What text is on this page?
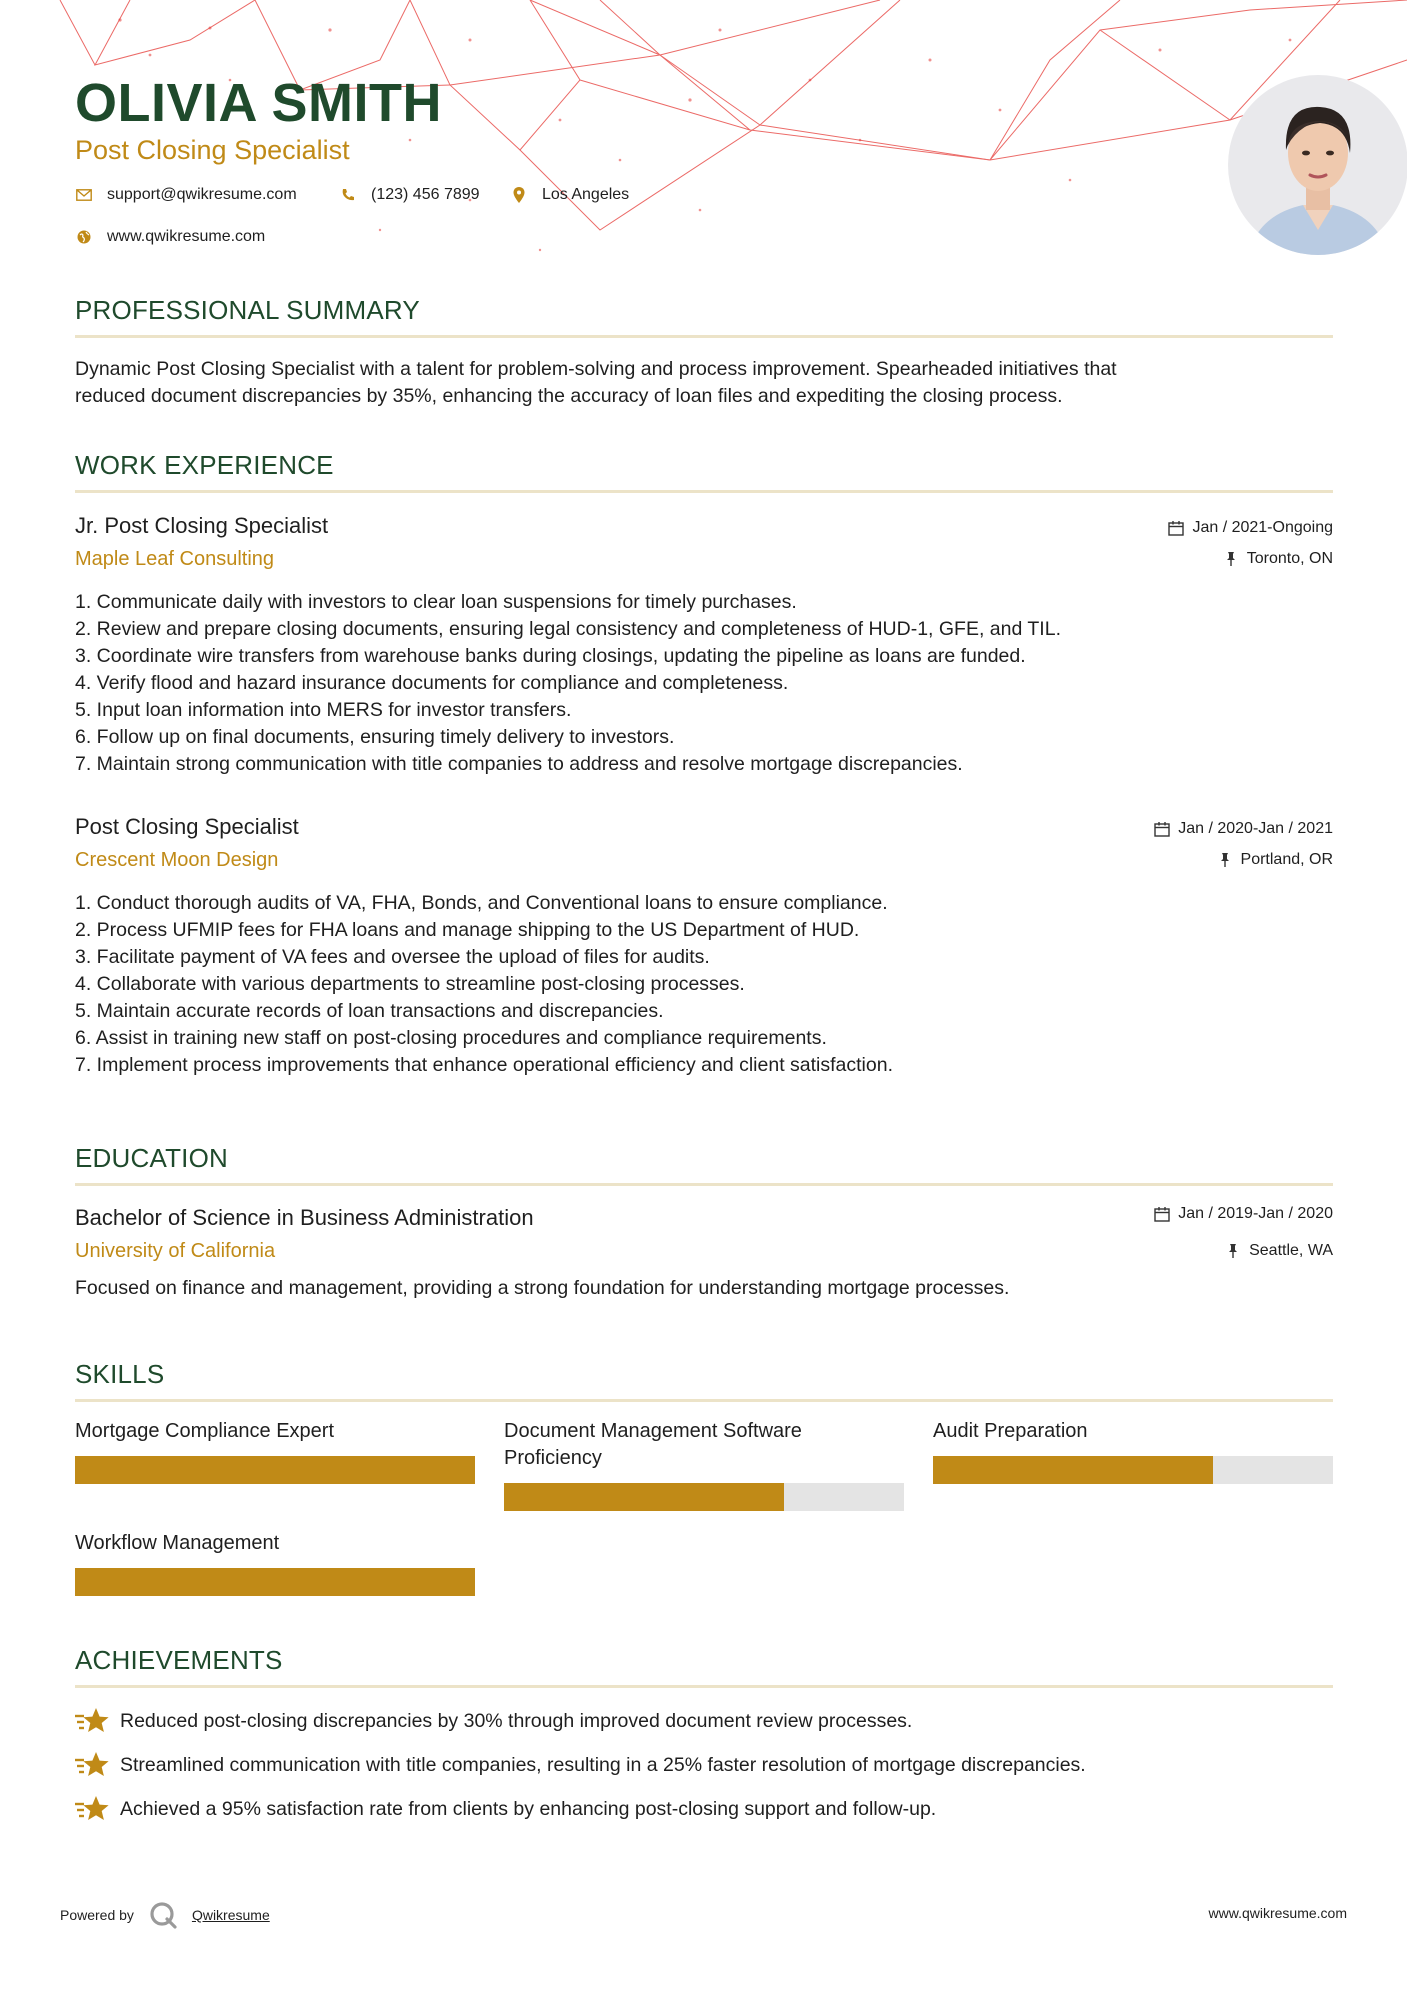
OLIVIA SMITH
Post Closing Specialist
support@qwikresume.com	(123) 456 7899	Los Angeles
www.qwikresume.com
PROFESSIONAL SUMMARY
Dynamic Post Closing Specialist with a talent for problem-solving and process improvement. Spearheaded initiatives that
reduced document discrepancies by 35%, enhancing the accuracy of loan files and expediting the closing process.
WORK EXPERIENCE
Jr. Post Closing Specialist
Maple Leaf Consulting
Jan / 2021-Ongoing
Toronto, ON
1. Communicate daily with investors to clear loan suspensions for timely purchases.
2. Review and prepare closing documents, ensuring legal consistency and completeness of HUD-1, GFE, and TIL.
3. Coordinate wire transfers from warehouse banks during closings, updating the pipeline as loans are funded.
4. Verify flood and hazard insurance documents for compliance and completeness.
5. Input loan information into MERS for investor transfers.
6. Follow up on final documents, ensuring timely delivery to investors.
7. Maintain strong communication with title companies to address and resolve mortgage discrepancies.
Post Closing Specialist
Crescent Moon Design
Jan / 2020-Jan / 2021
Portland, OR
1. Conduct thorough audits of VA, FHA, Bonds, and Conventional loans to ensure compliance.
2. Process UFMIP fees for FHA loans and manage shipping to the US Department of HUD.
3. Facilitate payment of VA fees and oversee the upload of files for audits.
4. Collaborate with various departments to streamline post-closing processes.
5. Maintain accurate records of loan transactions and discrepancies.
6. Assist in training new staff on post-closing procedures and compliance requirements.
7. Implement process improvements that enhance operational efficiency and client satisfaction.
EDUCATION
Bachelor of Science in Business Administration
University of California
Jan / 2019-Jan / 2020
Seattle, WA
Focused on finance and management, providing a strong foundation for understanding mortgage processes.
SKILLS
Mortgage Compliance Expert	Document Management Software
Proficiency
Audit Preparation
Workflow Management
ACHIEVEMENTS
Reduced post-closing discrepancies by 30% through improved document review processes.
Streamlined communication with title companies, resulting in a 25% faster resolution of mortgage discrepancies.
Achieved a 95% satisfaction rate from clients by enhancing post-closing support and follow-up.
Powered by	Qwikresume	www.qwikresume.com
